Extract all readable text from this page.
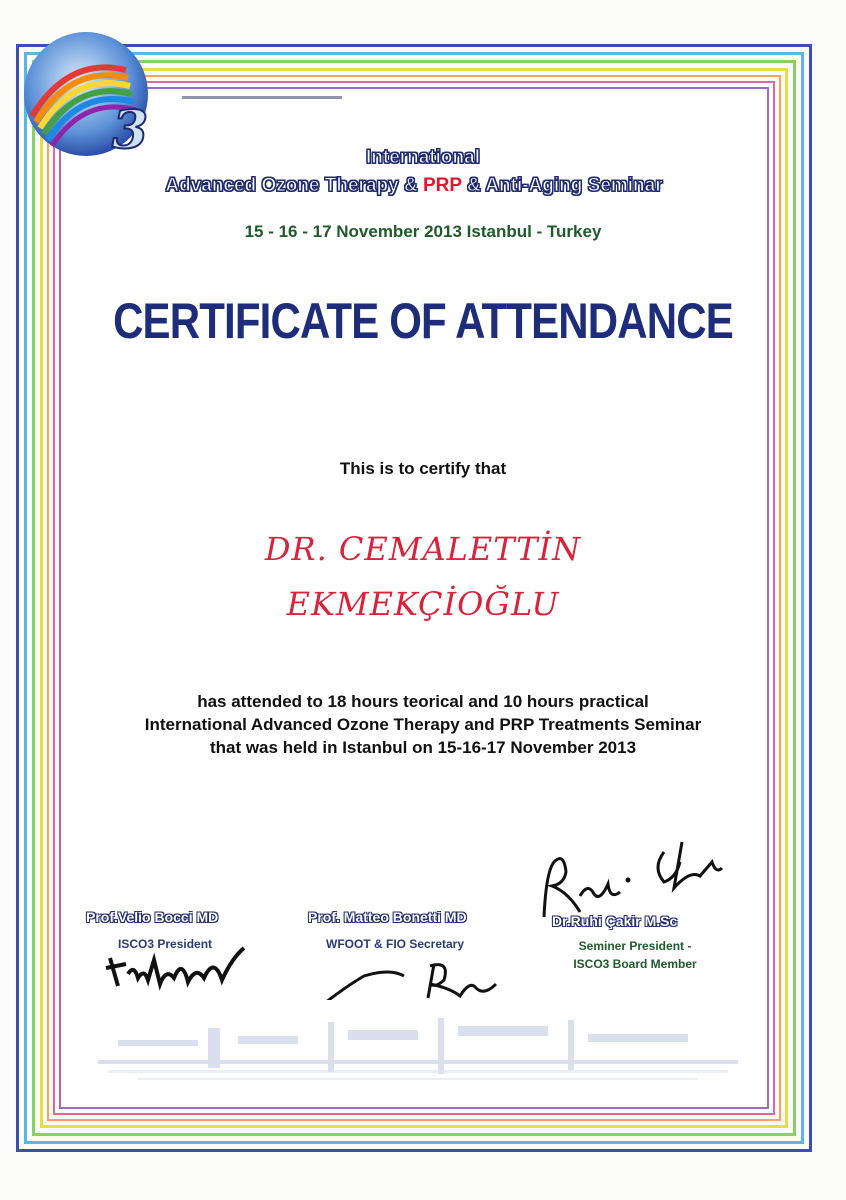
3	International
Advanced Ozone Therapy & PRP & Anti-Aging Seminar
15 - 16 - 17 November 2013 Istanbul - Turkey
CERTIFICATE OF ATTENDANCE
This is to certify that
DR. CEMALETTİN
EKMEKÇİOĞLU
has attended to 18 hours teorical and 10 hours practical
International Advanced Ozone Therapy and PRP Treatments Seminar
that was held in Istanbul on 15-16-17 November 2013
Prof.Velio Bocci MD
ISCO3 President
Prof. Matteo Bonetti MD
WFOOT & FIO Secretary
Dr.Ruhi Çakir M.Sc
Seminer President -
ISCO3 Board Member
